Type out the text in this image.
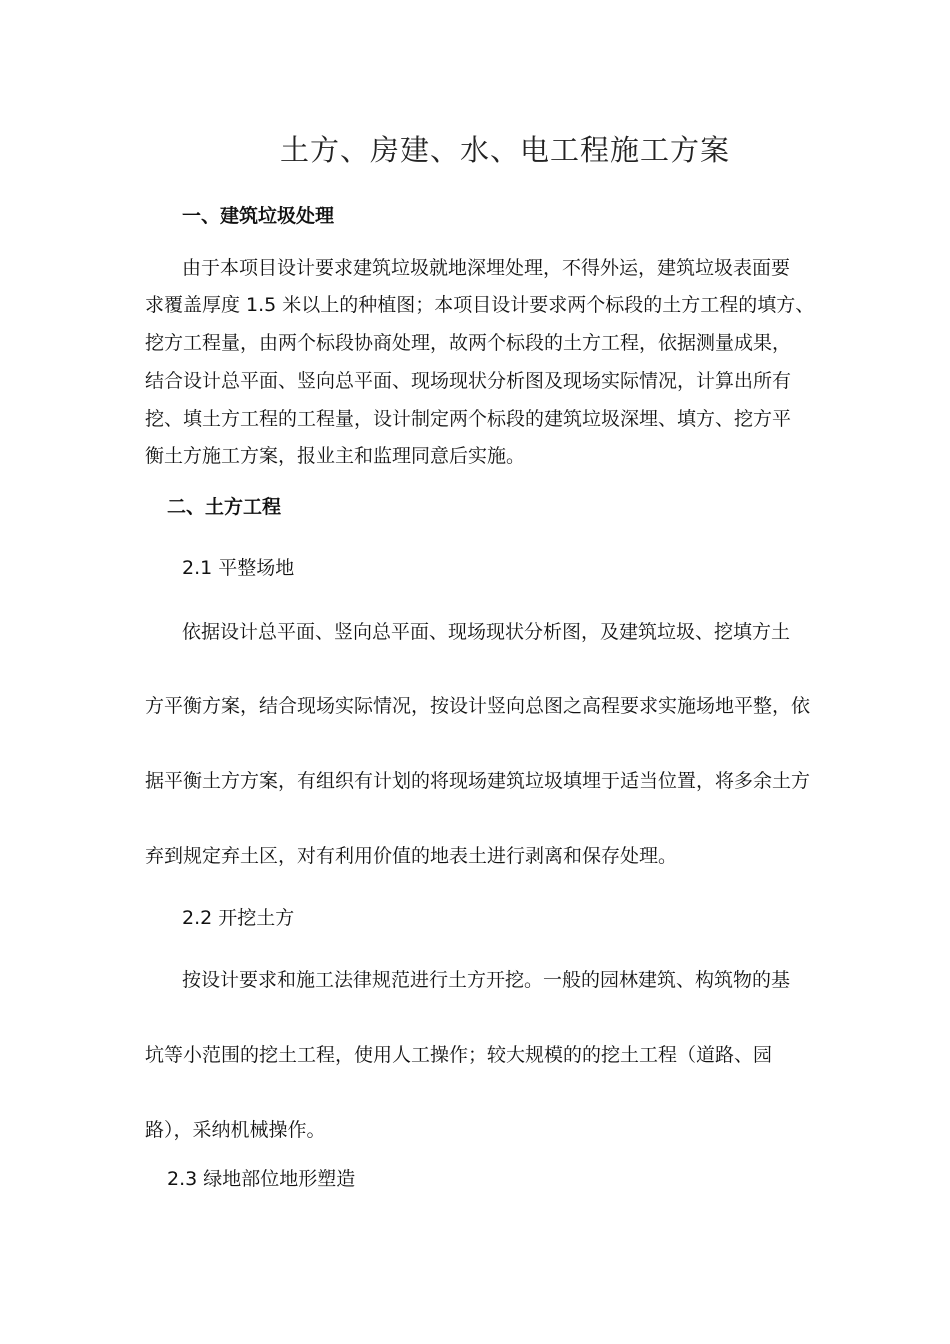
土方、房建、水、电工程施工方案
一、建筑垃圾处理
由于本项目设计要求建筑垃圾就地深埋处理，不得外运，建筑垃圾表面要
求覆盖厚度 1.5 米以上的种植图；本项目设计要求两个标段的土方工程的填方、
挖方工程量，由两个标段协商处理，故两个标段的土方工程，依据测量成果，
结合设计总平面、竖向总平面、现场现状分析图及现场实际情况，计算出所有
挖、填土方工程的工程量，设计制定两个标段的建筑垃圾深埋、填方、挖方平
衡土方施工方案，报业主和监理同意后实施。
二、土方工程
2.1 平整场地
依据设计总平面、竖向总平面、现场现状分析图，及建筑垃圾、挖填方土
方平衡方案，结合现场实际情况，按设计竖向总图之高程要求实施场地平整，依
据平衡土方方案，有组织有计划的将现场建筑垃圾填埋于适当位置，将多余土方
弃到规定弃土区，对有利用价值的地表土进行剥离和保存处理。
2.2 开挖土方
按设计要求和施工法律规范进行土方开挖。一般的园林建筑、构筑物的基
坑等小范围的挖土工程，使用人工操作；较大规模的的挖土工程（道路、园
路），采纳机械操作。
2.3 绿地部位地形塑造
